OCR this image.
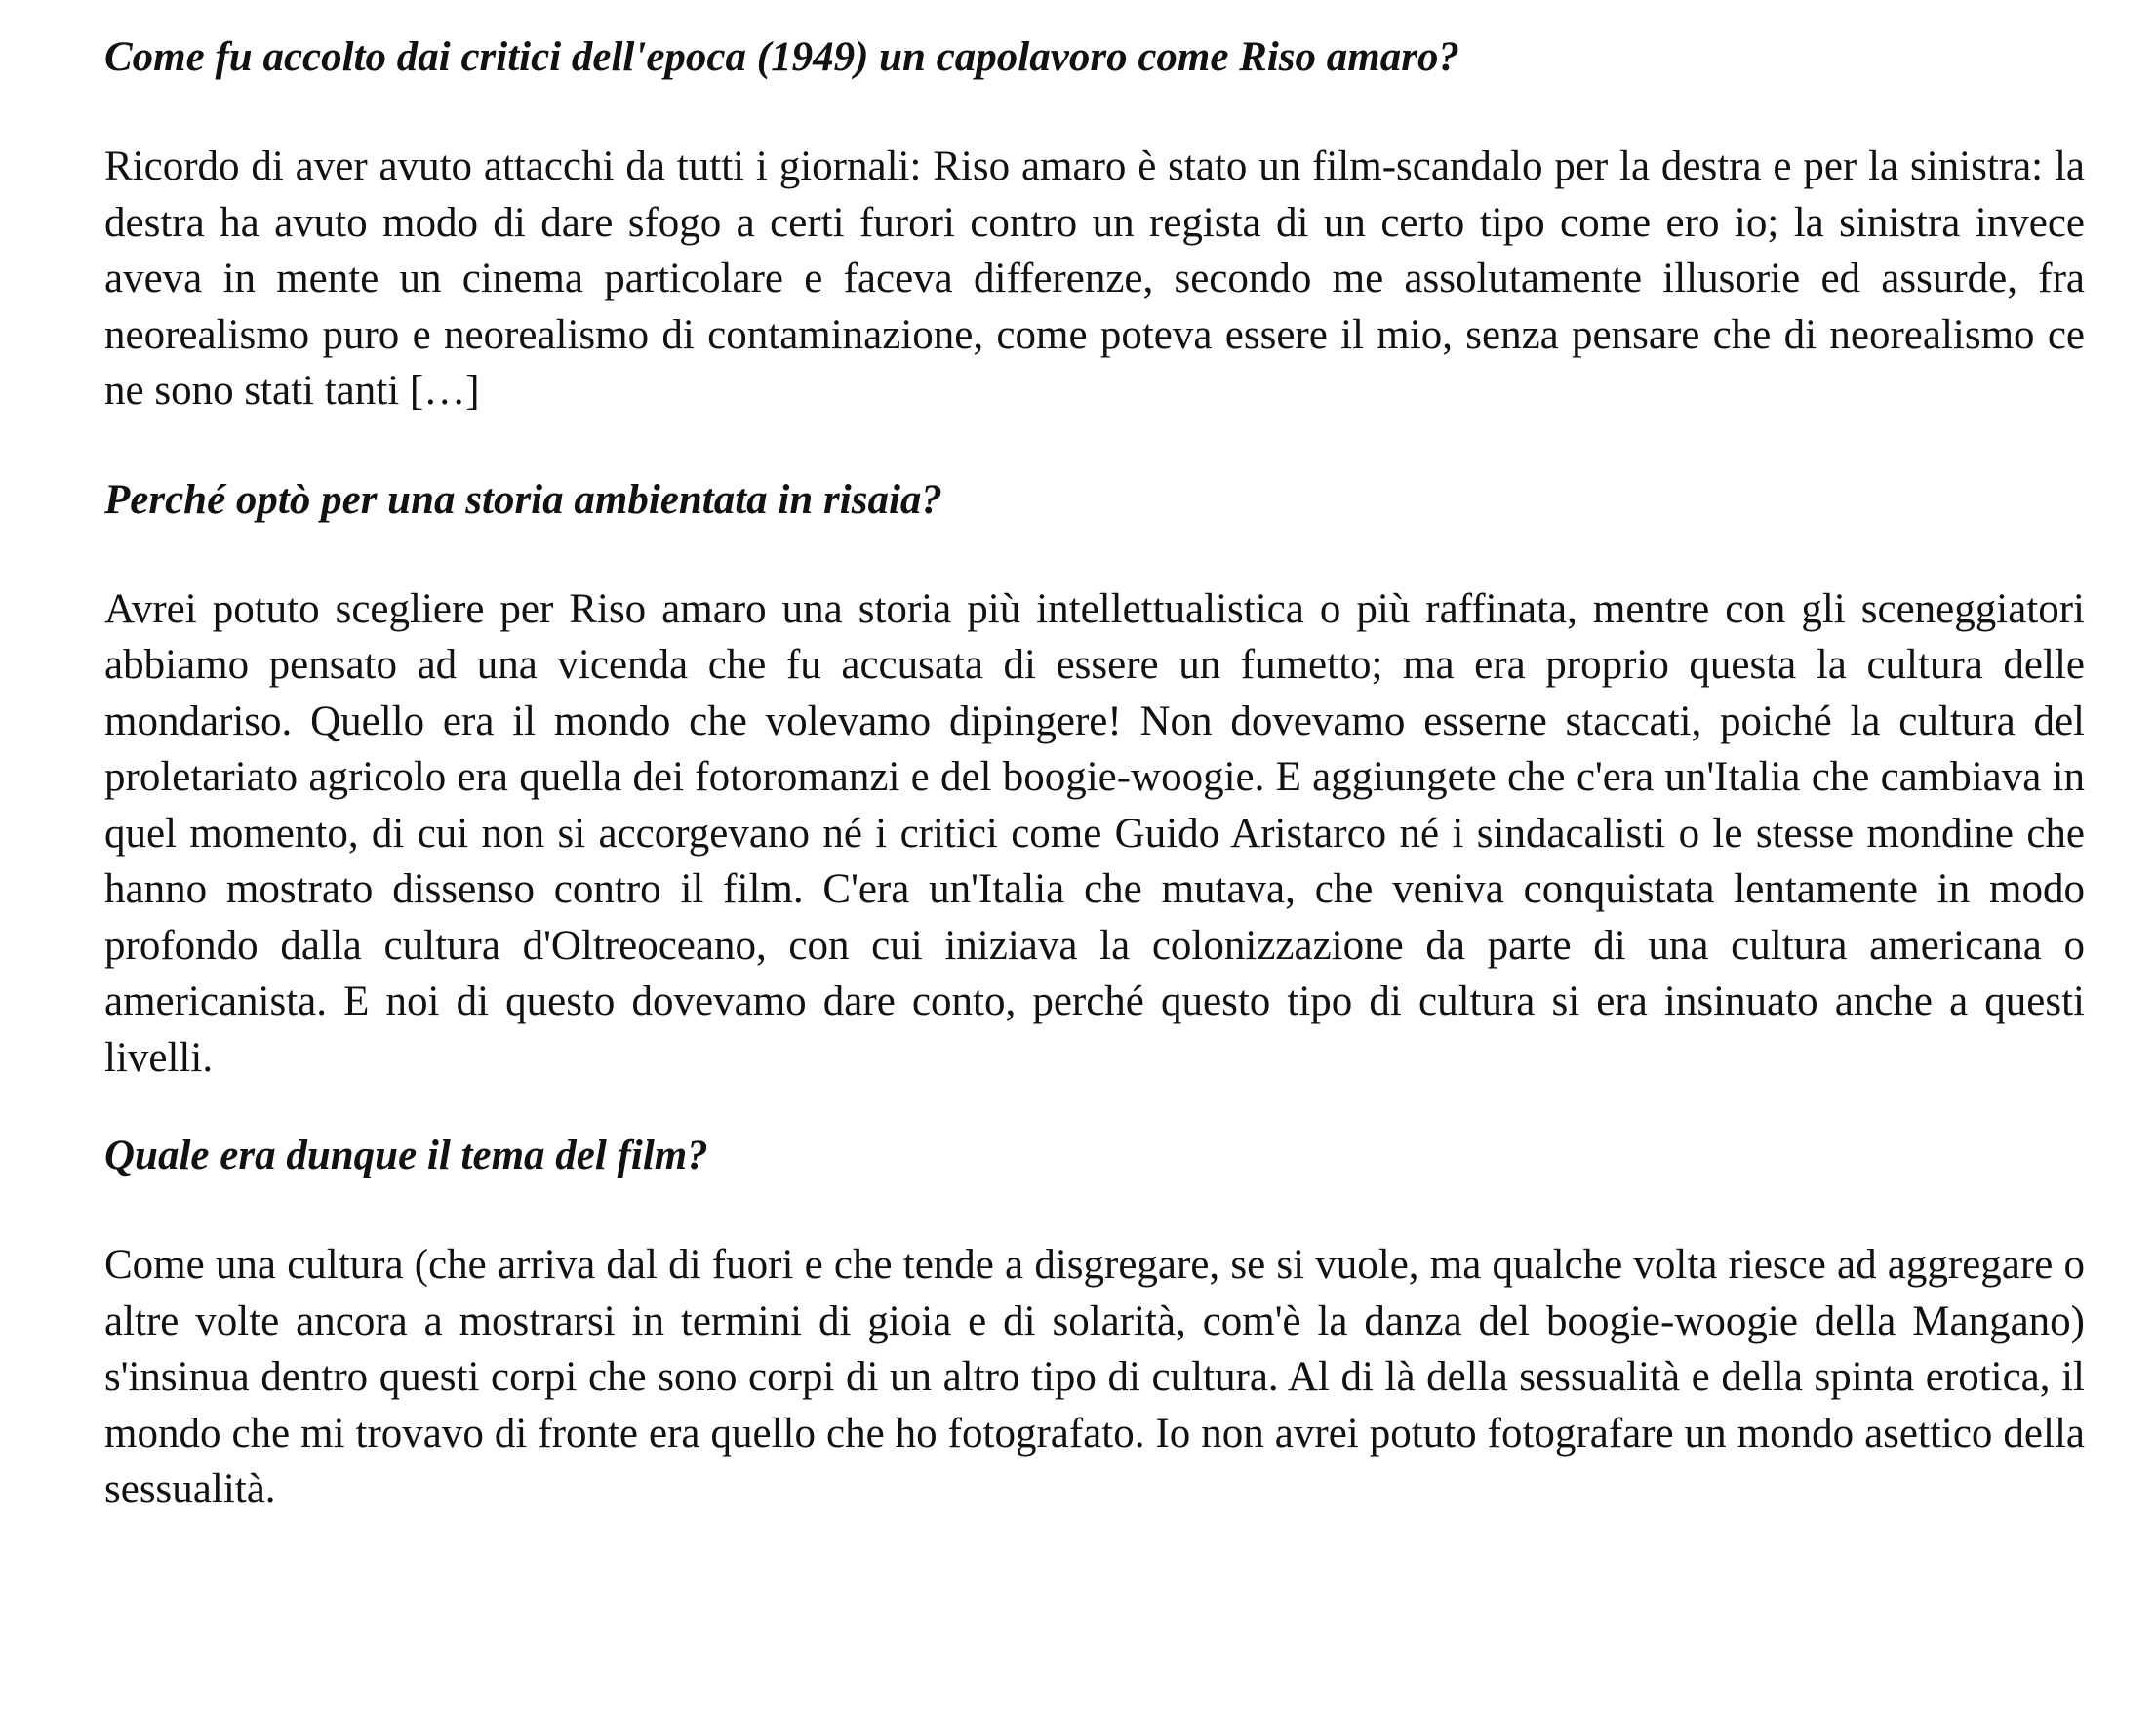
Come fu accolto dai critici dell'epoca (1949) un capolavoro come Riso amaro?

Ricordo di aver avuto attacchi da tutti i giornali: Riso amaro è stato un film-scandalo per la destra e per la sinistra: la destra ha avuto modo di dare sfogo a certi furori contro un regista di un certo tipo come ero io; la sinistra invece aveva in mente un cinema particolare e faceva differenze, secondo me assolutamente illusorie ed assurde, fra neorealismo puro e neorealismo di contaminazione, come poteva essere il mio, senza pensare che di neorealismo ce ne sono stati tanti […]

Perché optò per una storia ambientata in risaia?

Avrei potuto scegliere per Riso amaro una storia più intellettualistica o più raffinata, mentre con gli sceneggiatori abbiamo pensato ad una vicenda che fu accusata di essere un fumetto; ma era proprio questa la cultura delle mondariso. Quello era il mondo che volevamo dipingere! Non dovevamo esserne staccati, poiché la cultura del proletariato agricolo era quella dei fotoromanzi e del boogie-woogie. E aggiungete che c'era un'Italia che cambiava in quel momento, di cui non si accorgevano né i critici come Guido Aristarco né i sindacalisti o le stesse mondine che hanno mostrato dissenso contro il film. C'era un'Italia che mutava, che veniva conquistata lentamente in modo profondo dalla cultura d'Oltreoceano, con cui iniziava la colonizzazione da parte di una cultura americana o americanista. E noi di questo dovevamo dare conto, perché questo tipo di cultura si era insinuato anche a questi livelli.

Quale era dunque il tema del film?

Come una cultura (che arriva dal di fuori e che tende a disgregare, se si vuole, ma qualche volta riesce ad aggregare o altre volte ancora a mostrarsi in termini di gioia e di solarità, com'è la danza del boogie-woogie della Mangano) s'insinua dentro questi corpi che sono corpi di un altro tipo di cultura. Al di là della sessualità e della spinta erotica, il mondo che mi trovavo di fronte era quello che ho fotografato. Io non avrei potuto fotografare un mondo asettico della sessualità.
